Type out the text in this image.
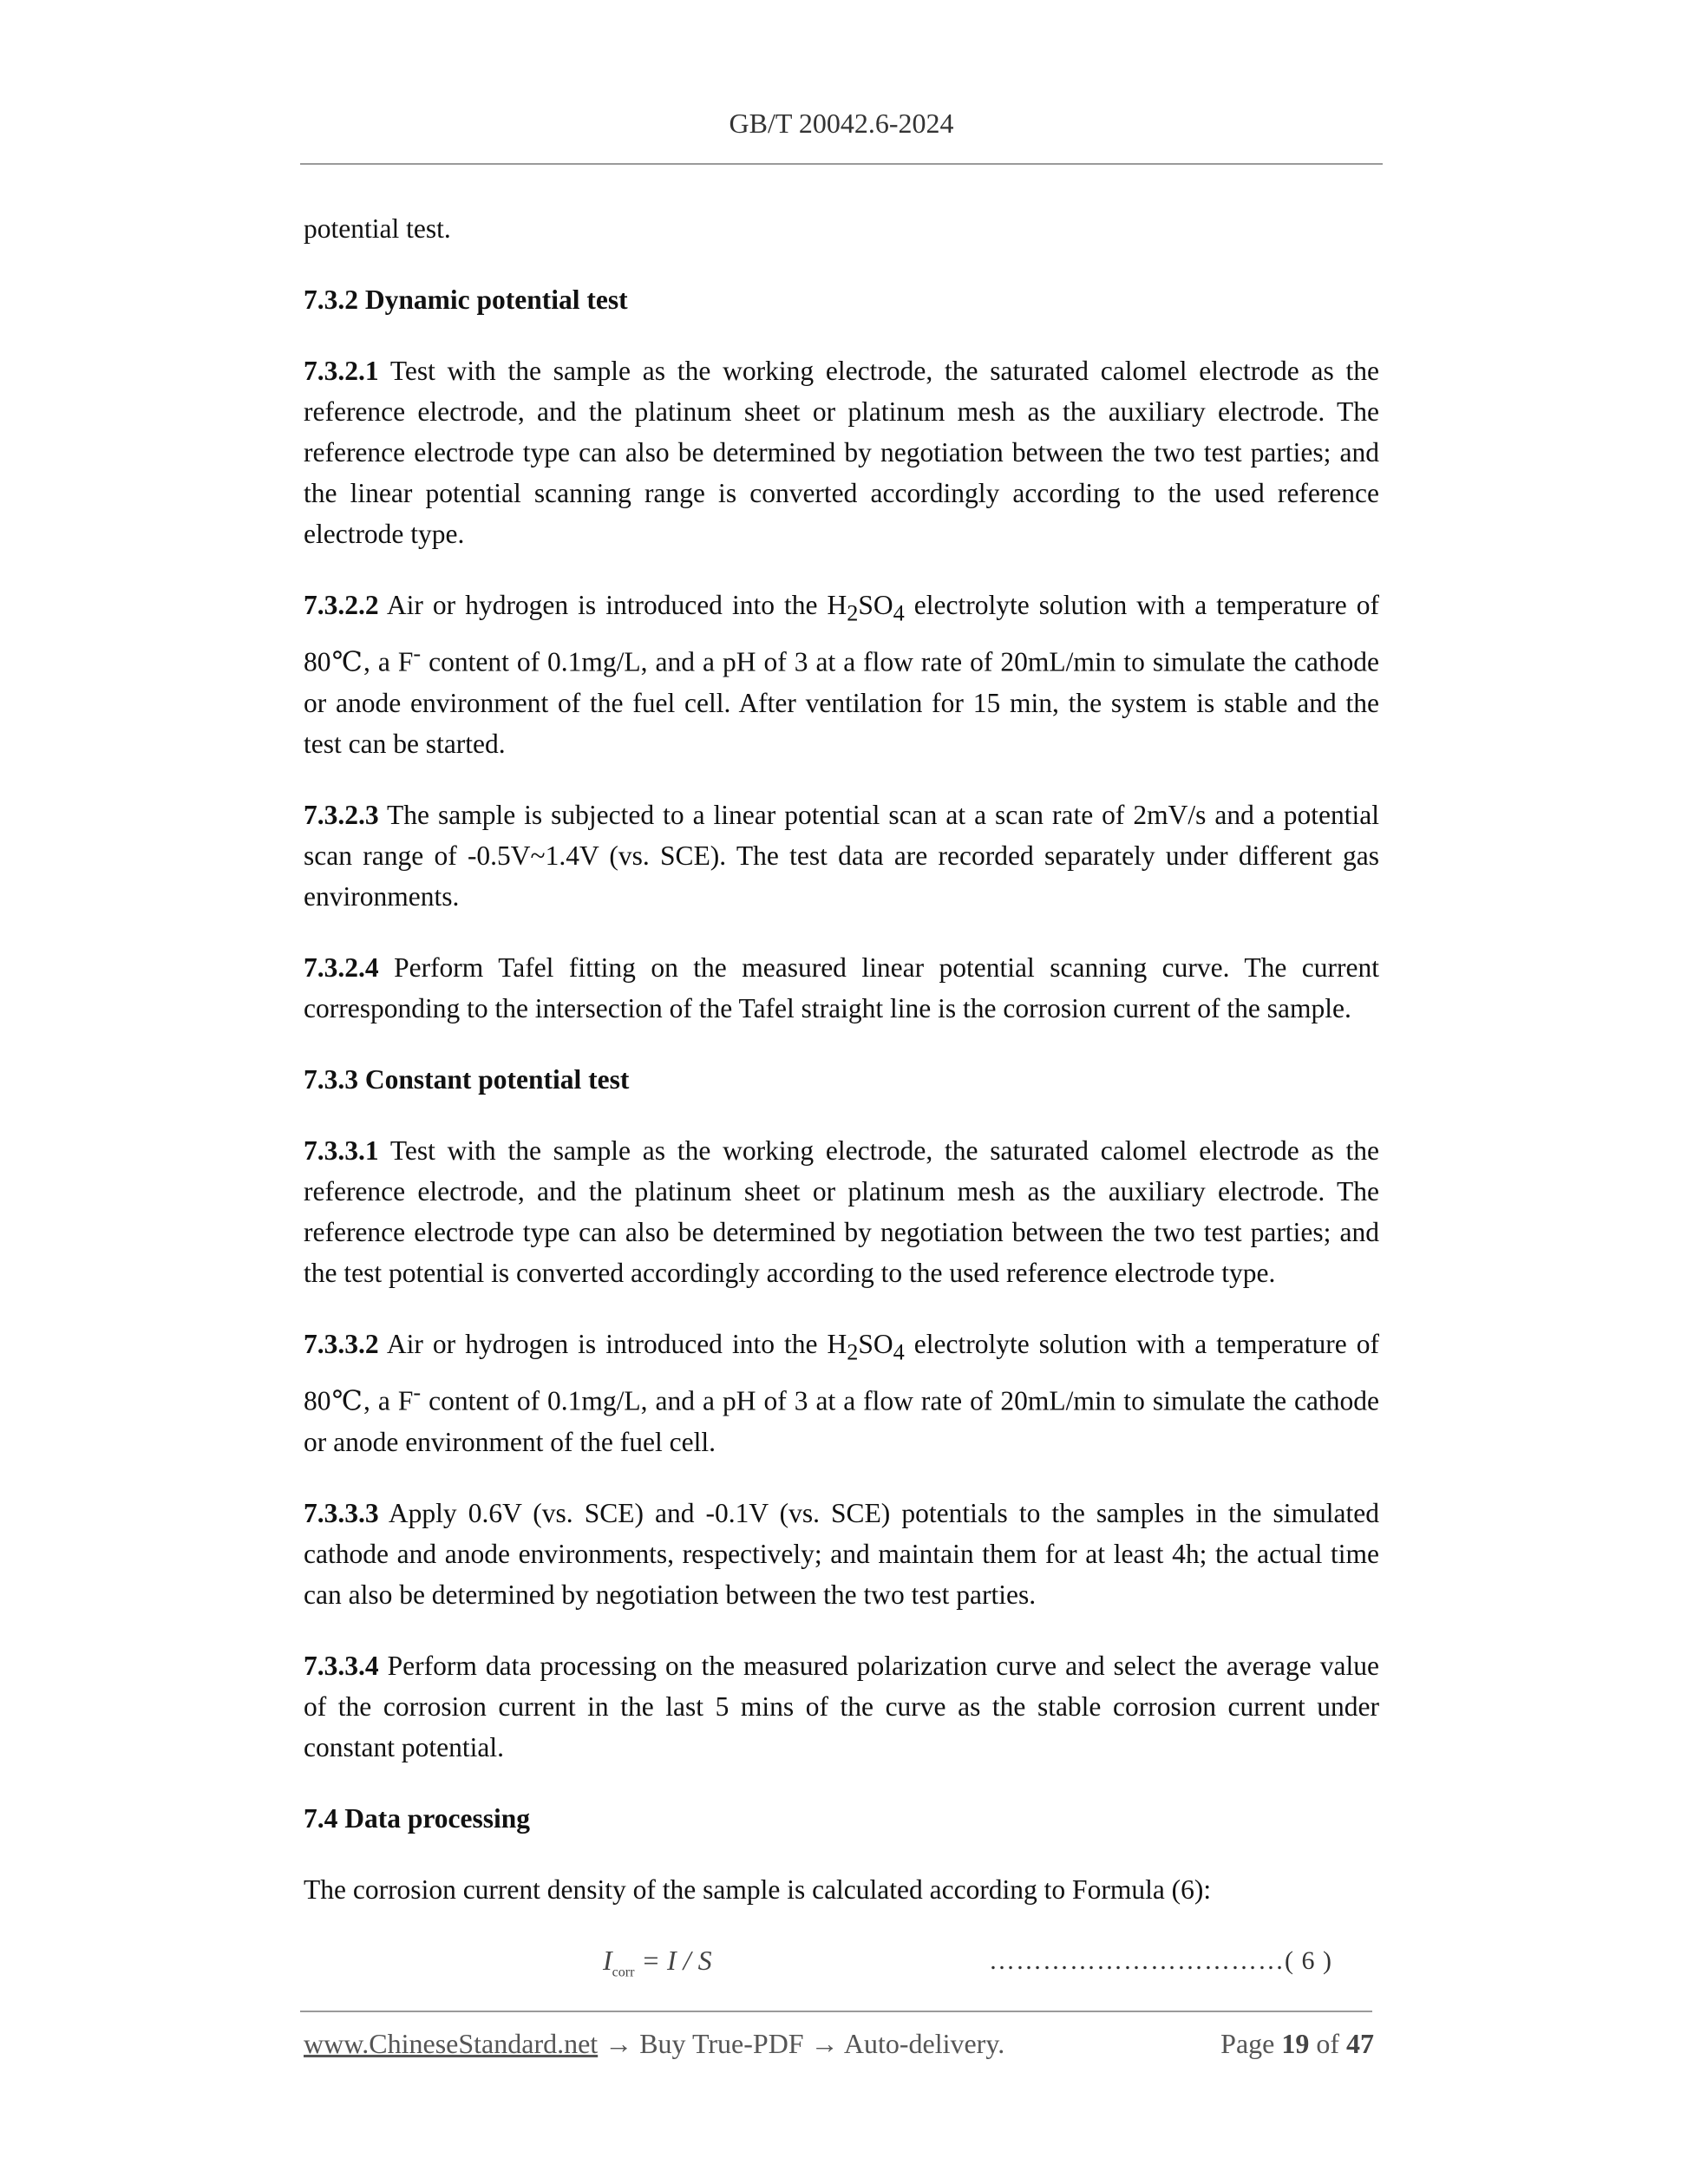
GB/T 20042.6-2024

potential test.

7.3.2 Dynamic potential test

7.3.2.1 Test with the sample as the working electrode, the saturated calomel electrode as the reference electrode, and the platinum sheet or platinum mesh as the auxiliary electrode. The reference electrode type can also be determined by negotiation between the two test parties; and the linear potential scanning range is converted accordingly according to the used reference electrode type.

7.3.2.2 Air or hydrogen is introduced into the $H_2SO_4$ electrolyte solution with a temperature of 80℃, a F- content of 0.1mg/L, and a pH of 3 at a flow rate of 20mL/min to simulate the cathode or anode environment of the fuel cell. After ventilation for 15 min, the system is stable and the test can be started.

7.3.2.3 The sample is subjected to a linear potential scan at a scan rate of 2mV/s and a potential scan range of -0.5V~1.4V (vs. SCE). The test data are recorded separately under different gas environments.

7.3.2.4 Perform Tafel fitting on the measured linear potential scanning curve. The current corresponding to the intersection of the Tafel straight line is the corrosion current of the sample.

7.3.3 Constant potential test

7.3.3.1 Test with the sample as the working electrode, the saturated calomel electrode as the reference electrode, and the platinum sheet or platinum mesh as the auxiliary electrode. The reference electrode type can also be determined by negotiation between the two test parties; and the test potential is converted accordingly according to the used reference electrode type.

7.3.3.2 Air or hydrogen is introduced into the $H_2SO_4$ electrolyte solution with a temperature of 80℃, a F- content of 0.1mg/L, and a pH of 3 at a flow rate of 20mL/min to simulate the cathode or anode environment of the fuel cell.

7.3.3.3 Apply 0.6V (vs. SCE) and -0.1V (vs. SCE) potentials to the samples in the simulated cathode and anode environments, respectively; and maintain them for at least 4h; the actual time can also be determined by negotiation between the two test parties.

7.3.3.4 Perform data processing on the measured polarization curve and select the average value of the corrosion current in the last 5 mins of the curve as the stable corrosion current under constant potential.

7.4 Data processing

The corrosion current density of the sample is calculated according to Formula (6):

$I_{corr} = I / S$	……………………………( 6 )
www.ChineseStandard.net → Buy True-PDF → Auto-delivery.	Page 19 of 47
